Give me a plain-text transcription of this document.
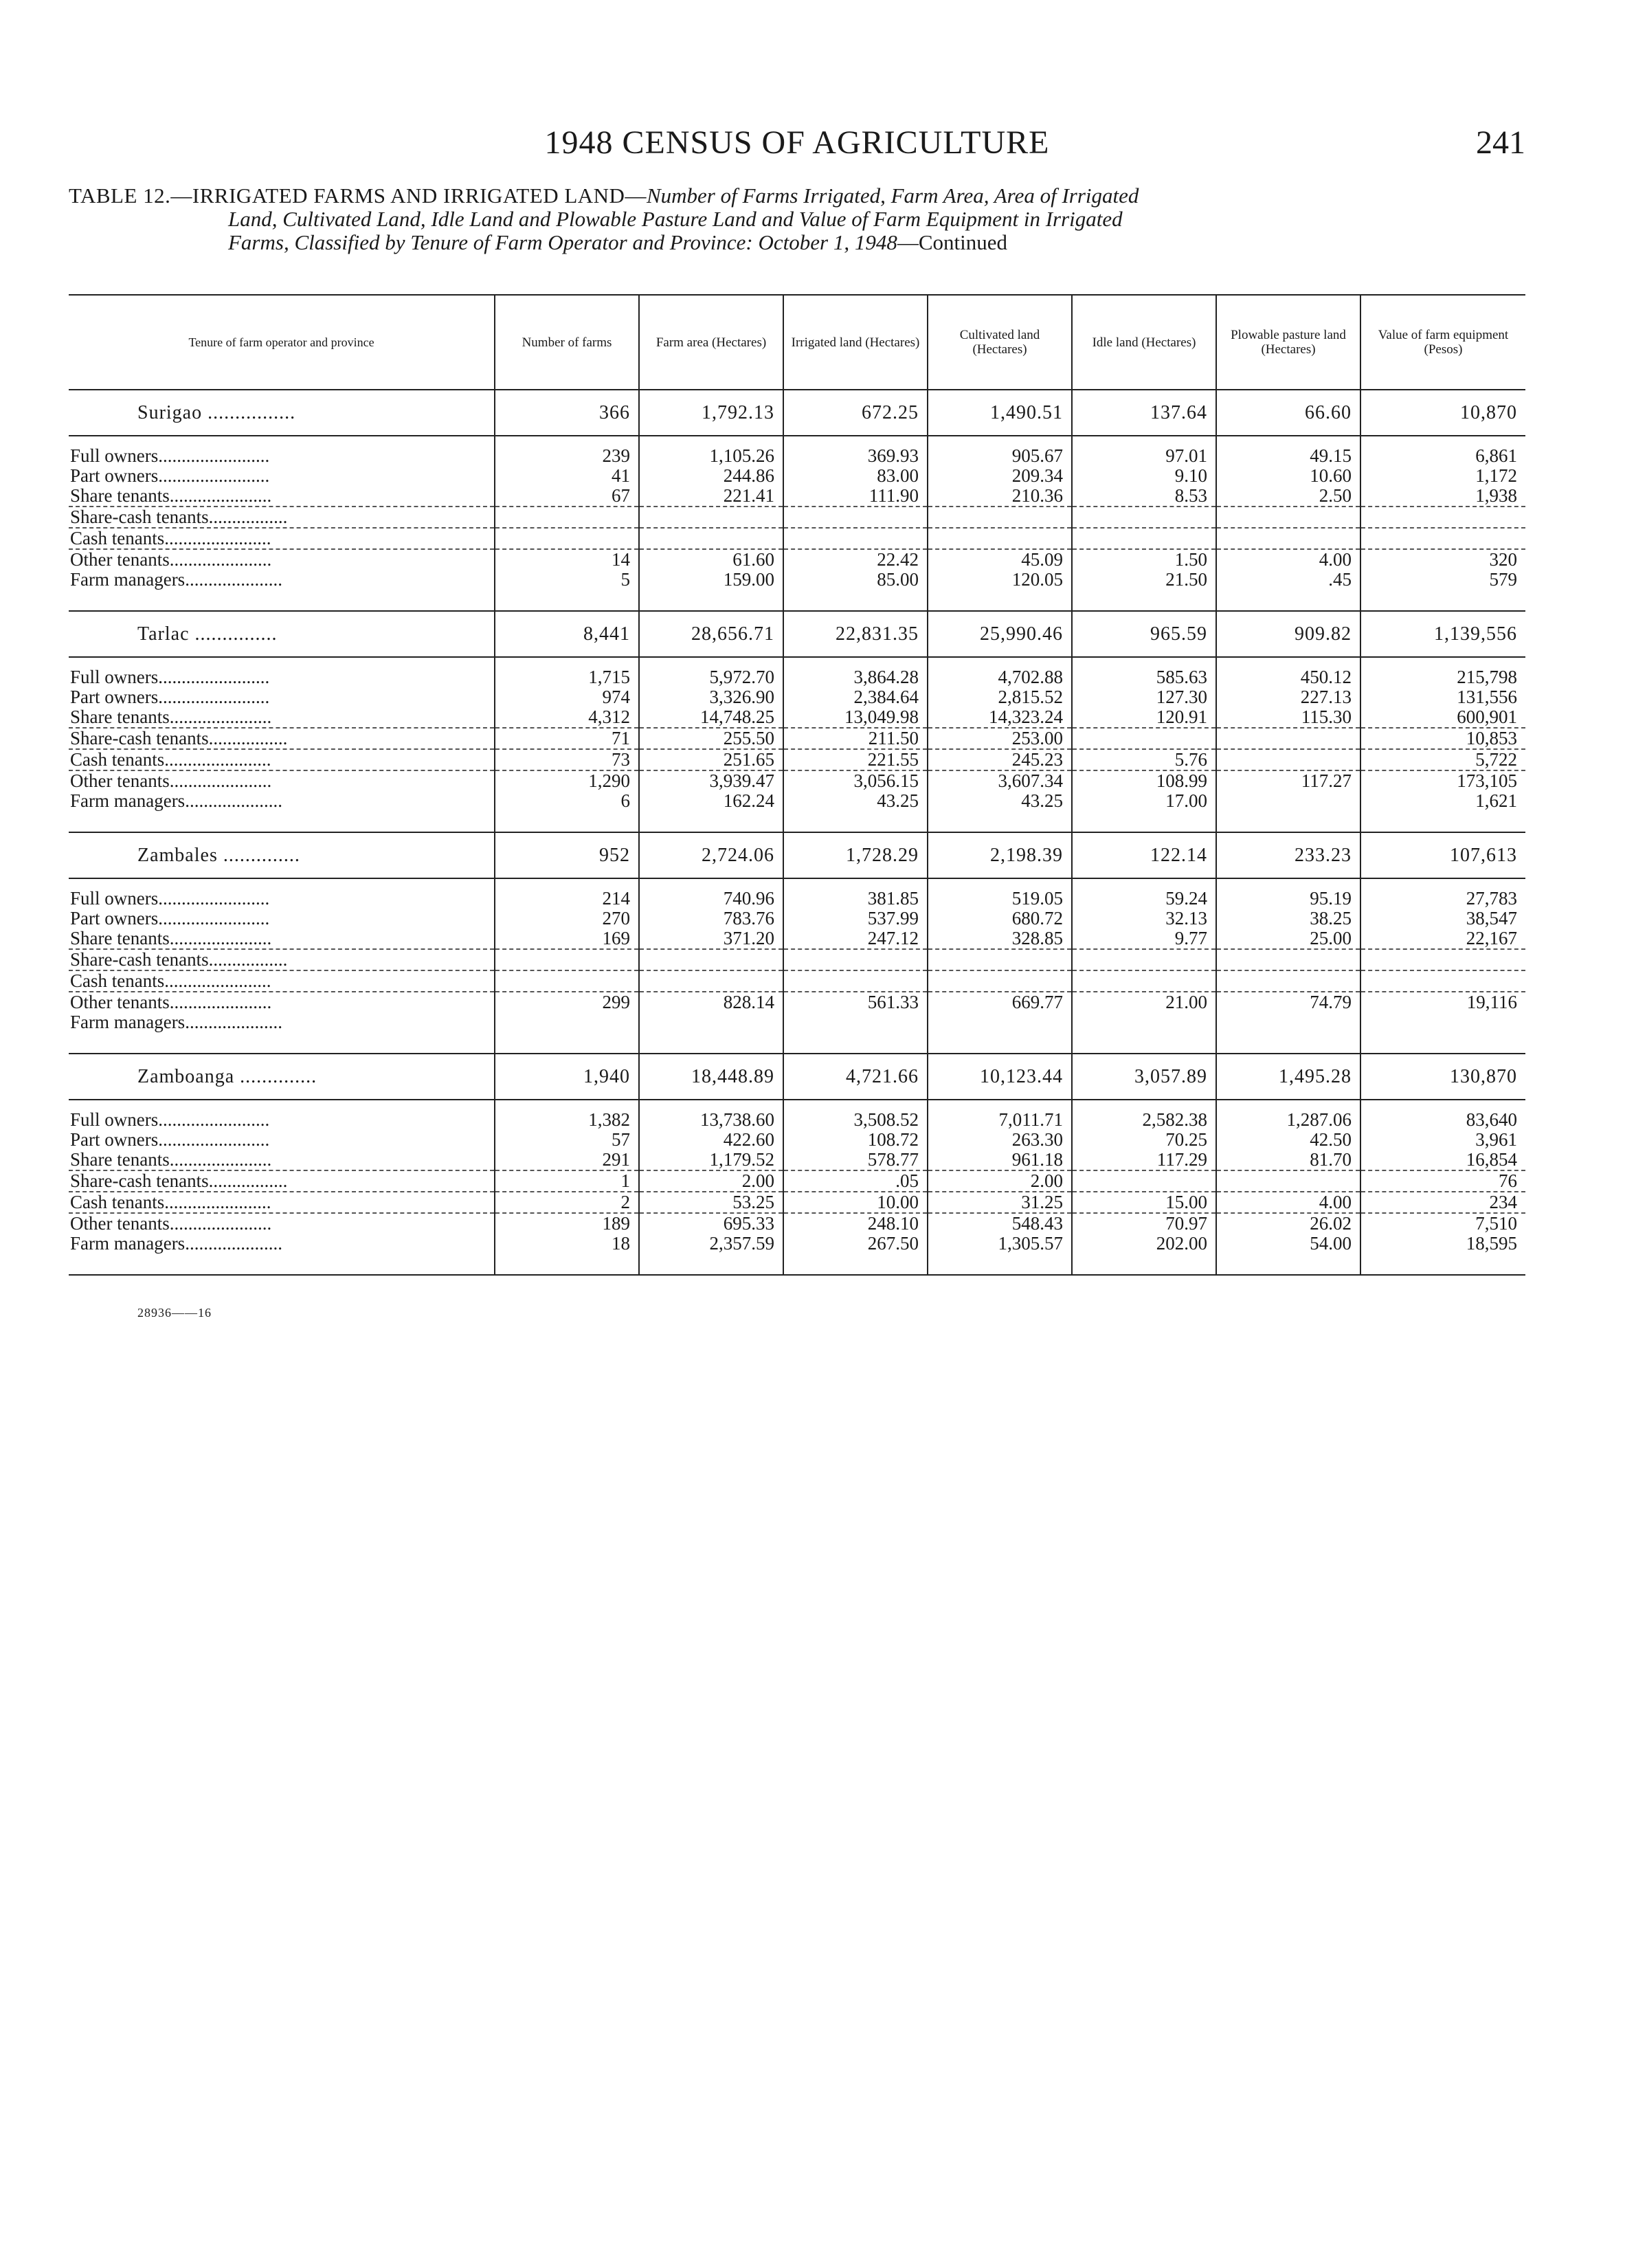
1948 CENSUS OF AGRICULTURE	241
TABLE 12.—IRRIGATED FARMS AND IRRIGATED LAND—Number of Farms Irrigated, Farm Area, Area of Irrigated
Land, Cultivated Land, Idle Land and Plowable Pasture Land and Value of Farm Equipment in Irrigated
Farms, Classified by Tenure of Farm Operator and Province: October 1, 1948—Continued
Tenure of farm operator and province	Number of farms	Farm area (Hectares)	Irrigated land (Hectares)	Cultivated land (Hectares)	Idle land (Hectares)	Plowable pasture land (Hectares)	Value of farm equipment (Pesos)
Surigao ................	366	1,792.13	672.25	1,490.51	137.64	66.60	10,870

Full owners........................	239	1,105.26	369.93	905.67	97.01	49.15	6,861
Part owners........................	41	244.86	83.00	209.34	9.10	10.60	1,172
Share tenants......................	67	221.41	111.90	210.36	8.53	2.50	1,938
Share-cash tenants.................							
Cash tenants.......................							
Other tenants......................	14	61.60	22.42	45.09	1.50	4.00	320
Farm managers.....................	5	159.00	85.00	120.05	21.50	.45	579
Tarlac ...............	8,441	28,656.71	22,831.35	25,990.46	965.59	909.82	1,139,556

Full owners........................	1,715	5,972.70	3,864.28	4,702.88	585.63	450.12	215,798
Part owners........................	974	3,326.90	2,384.64	2,815.52	127.30	227.13	131,556
Share tenants......................	4,312	14,748.25	13,049.98	14,323.24	120.91	115.30	600,901
Share-cash tenants.................	71	255.50	211.50	253.00			10,853
Cash tenants.......................	73	251.65	221.55	245.23	5.76		5,722
Other tenants......................	1,290	3,939.47	3,056.15	3,607.34	108.99	117.27	173,105
Farm managers.....................	6	162.24	43.25	43.25	17.00		1,621
Zambales ..............	952	2,724.06	1,728.29	2,198.39	122.14	233.23	107,613

Full owners........................	214	740.96	381.85	519.05	59.24	95.19	27,783
Part owners........................	270	783.76	537.99	680.72	32.13	38.25	38,547
Share tenants......................	169	371.20	247.12	328.85	9.77	25.00	22,167
Share-cash tenants.................							
Cash tenants.......................							
Other tenants......................	299	828.14	561.33	669.77	21.00	74.79	19,116
Farm managers.....................							
Zamboanga ..............	1,940	18,448.89	4,721.66	10,123.44	3,057.89	1,495.28	130,870

Full owners........................	1,382	13,738.60	3,508.52	7,011.71	2,582.38	1,287.06	83,640
Part owners........................	57	422.60	108.72	263.30	70.25	42.50	3,961
Share tenants......................	291	1,179.52	578.77	961.18	117.29	81.70	16,854
Share-cash tenants.................	1	2.00	.05	2.00			76
Cash tenants.......................	2	53.25	10.00	31.25	15.00	4.00	234
Other tenants......................	189	695.33	248.10	548.43	70.97	26.02	7,510
Farm managers.....................	18	2,357.59	267.50	1,305.57	202.00	54.00	18,595
28936——16
